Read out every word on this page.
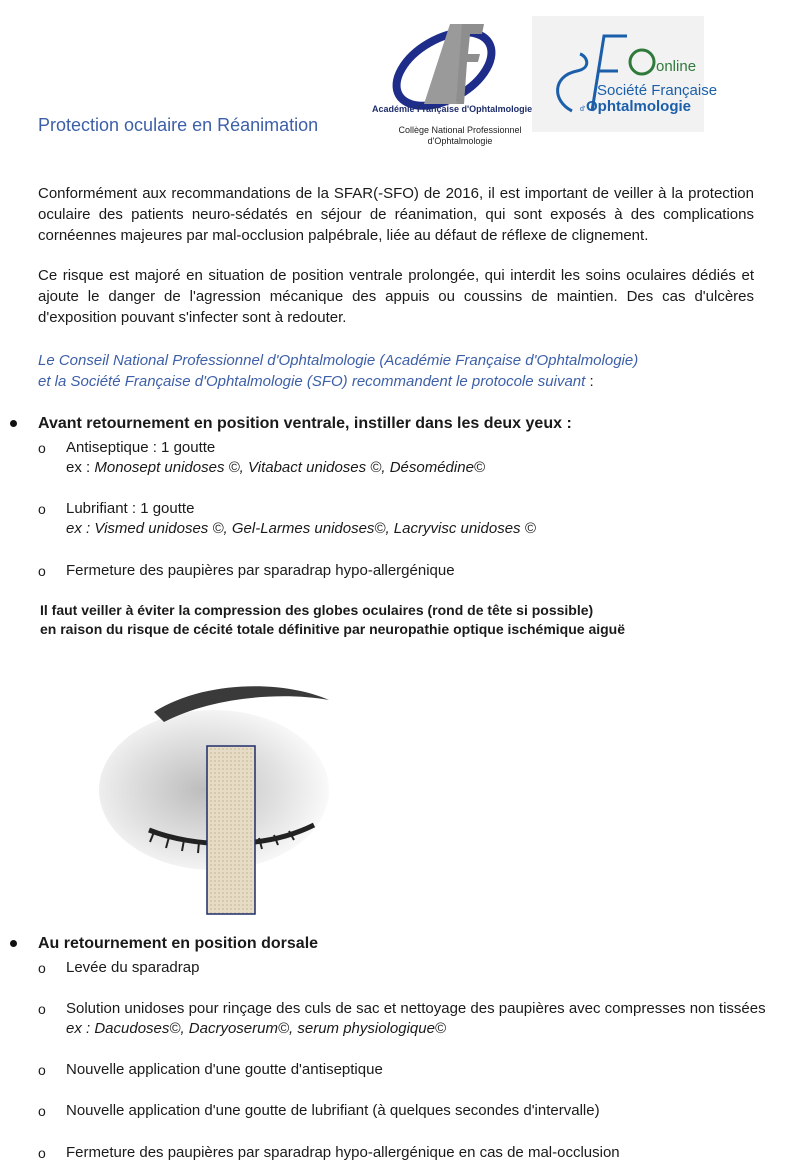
Protection oculaire en Réanimation
Académie Française d'Ophtalmologie
Collège National Professionnel
d'Ophtalmologie
online
Société Française
d' Ophtalmologie
Conformément aux recommandations de la SFAR(-SFO) de 2016, il est important de veiller à la protection oculaire des patients neuro-sédatés en séjour de réanimation, qui sont exposés à des complications cornéennes majeures par mal-occlusion palpébrale, liée au défaut de réflexe de clignement.
Ce risque est majoré en situation de position ventrale prolongée, qui interdit les soins oculaires dédiés et ajoute le danger de l'agression mécanique des appuis ou coussins de maintien. Des cas d'ulcères d'exposition pouvant s'infecter sont à redouter.
Le Conseil National Professionnel d'Ophtalmologie (Académie Française d'Ophtalmologie)
et la Société Française d'Ophtalmologie (SFO) recommandent le protocole suivant :
Avant retournement en position ventrale, instiller dans les deux yeux :
o Antiseptique : 1 goutte
ex : Monosept unidoses ©, Vitabact unidoses ©, Désomédine©
o Lubrifiant : 1 goutte
ex : Vismed unidoses ©, Gel-Larmes unidoses©, Lacryvisc unidoses ©
o Fermeture des paupières par sparadrap hypo-allergénique
Il faut veiller à éviter la compression des globes oculaires (rond de tête si possible)
en raison du risque de cécité totale définitive par neuropathie optique ischémique aiguë
Au retournement en position dorsale
o Levée du sparadrap
o Solution unidoses pour rinçage des culs de sac et nettoyage des paupières avec compresses non tissées
ex : Dacudoses©, Dacryoserum©, serum physiologique©
o Nouvelle application d'une goutte d'antiseptique
o Nouvelle application d'une goutte de lubrifiant (à quelques secondes d'intervalle)
o Fermeture des paupières par sparadrap hypo-allergénique en cas de mal-occlusion
